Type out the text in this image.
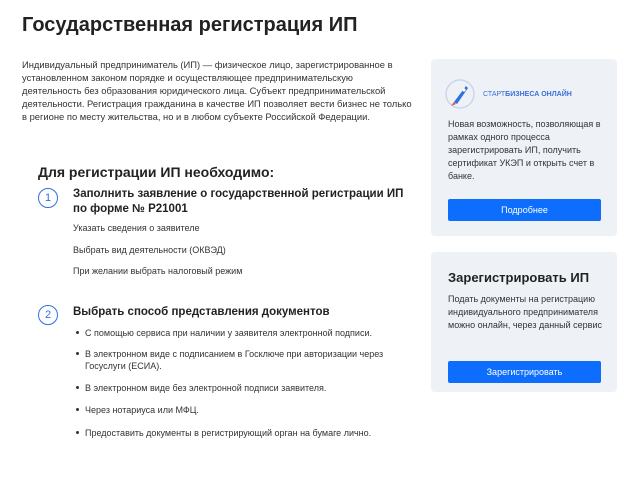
Государственная регистрация ИП
Индивидуальный предприниматель (ИП) — физическое лицо, зарегистрированное в установленном законом порядке и осуществляющее предпринимательскую деятельность без образования юридического лица. Субъект предпринимательской деятельности. Регистрация гражданина в качестве ИП позволяет вести бизнес не только в регионе по месту жительства, но и в любом субъекте Российской Федерации.
Для регистрации ИП необходимо:
1	Заполнить заявление о государственной регистрации ИП по форме № Р21001
Указать сведения о заявителе
Выбрать вид деятельности (ОКВЭД)
При желании выбрать налоговый режим
2	Выбрать способ представления документов
С помощью сервиса при наличии у заявителя электронной подписи.
В электронном виде с подписанием в Госключе при авторизации через Госуслуги (ЕСИА).
В электронном виде без электронной подписи заявителя.
Через нотариуса или МФЦ.
Предоставить документы в регистрирующий орган на бумаге лично.
СТАРТБИЗНЕСА ОНЛАЙН
Новая возможность, позволяющая в рамках одного процесса зарегистрировать ИП, получить сертификат УКЭП и открыть счет в банке.
Подробнее
Зарегистрировать ИП
Подать документы на регистрацию индивидуального предпринимателя можно онлайн, через данный сервис
Зарегистрировать
